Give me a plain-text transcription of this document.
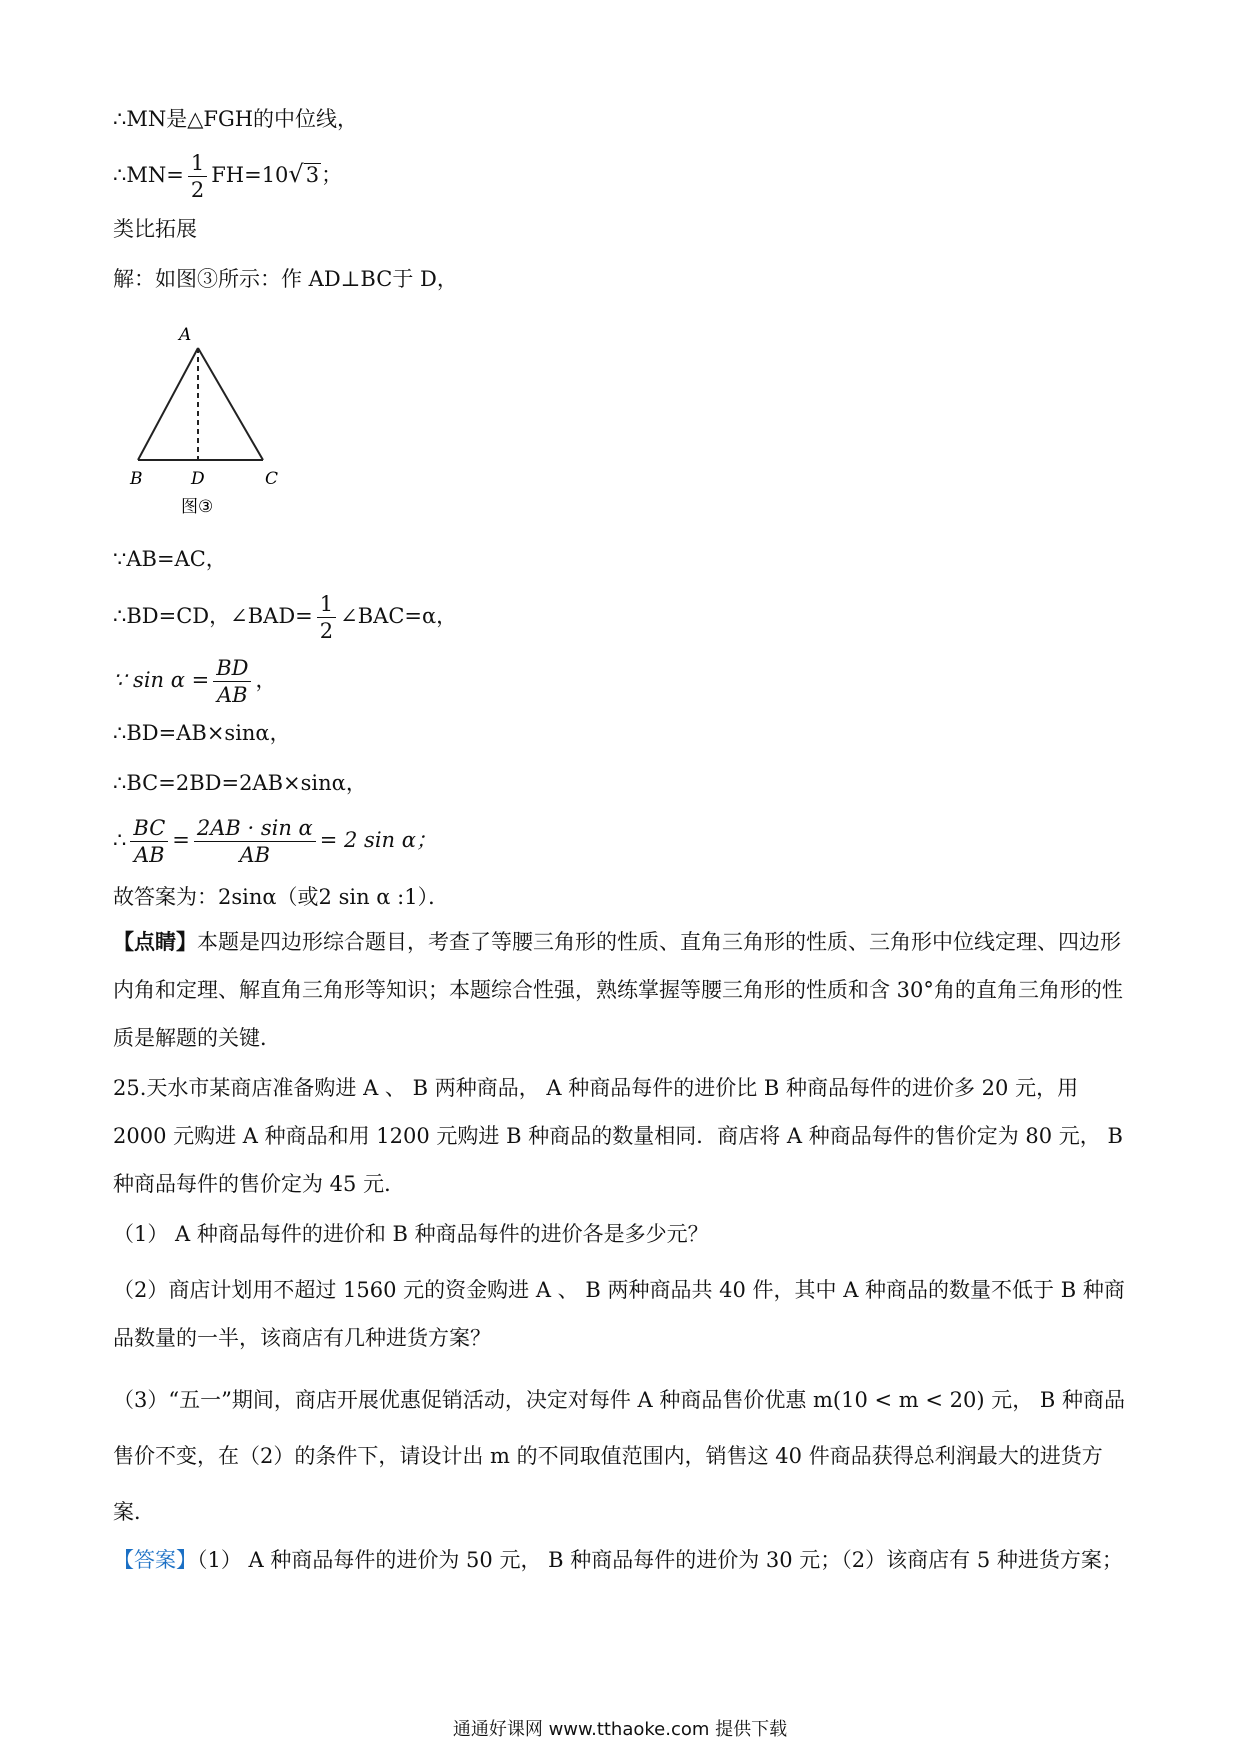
∴MN是△FGH的中位线，
∴MN= $\frac{1}{2} FH=10√3$；
类比拓展
解：如图③所示：作 AD⊥BC于 D，
A
B	D	C
图③
∵AB=AC，
∴BD=CD，∠BAD= $\frac{1}{2}$ ∠BAC=α，
∵ $\sin \alpha = \frac{BD}{AB}$ ，
∴BD=AB×sinα，
∴BC=2BD=2AB×sinα，
∴ $\frac{BC}{AB} = \frac{\text{2AB · sin α}}{AB} = 2$ sin α；
故答案为：2sinα（或2 sin α :1）．
【点睛】本题是四边形综合题目，考查了等腰三角形的性质、直角三角形的性质、三角形中位线定理、四边形内角和定理、解直角三角形等知识；本题综合性强，熟练掌握等腰三角形的性质和含 30°角的直角三角形的性质是解题的关键．
25.天水市某商店准备购进 A 、 B 两种商品， A 种商品每件的进价比 B 种商品每件的进价多 20 元，用 2000 元购进 A 种商品和用 1200 元购进 B 种商品的数量相同．商店将 A 种商品每件的售价定为 80 元， B 种商品每件的售价定为 45 元．
（1） A 种商品每件的进价和 B 种商品每件的进价各是多少元？
（2）商店计划用不超过 1560 元的资金购进 A 、 B 两种商品共 40 件，其中 A 种商品的数量不低于 B 种商品数量的一半，该商店有几种进货方案？
（3）“五一”期间，商店开展优惠促销活动，决定对每件 A 种商品售价优惠 m(10 < m < 20) 元， B 种商品售价不变，在（2）的条件下，请设计出 m 的不同取值范围内，销售这 40 件商品获得总利润最大的进货方案．
【答案】（1） A 种商品每件的进价为 50 元， B 种商品每件的进价为 30 元；（2）该商店有 5 种进货方案；
通通好课网 www.tthaoke.com 提供下载
